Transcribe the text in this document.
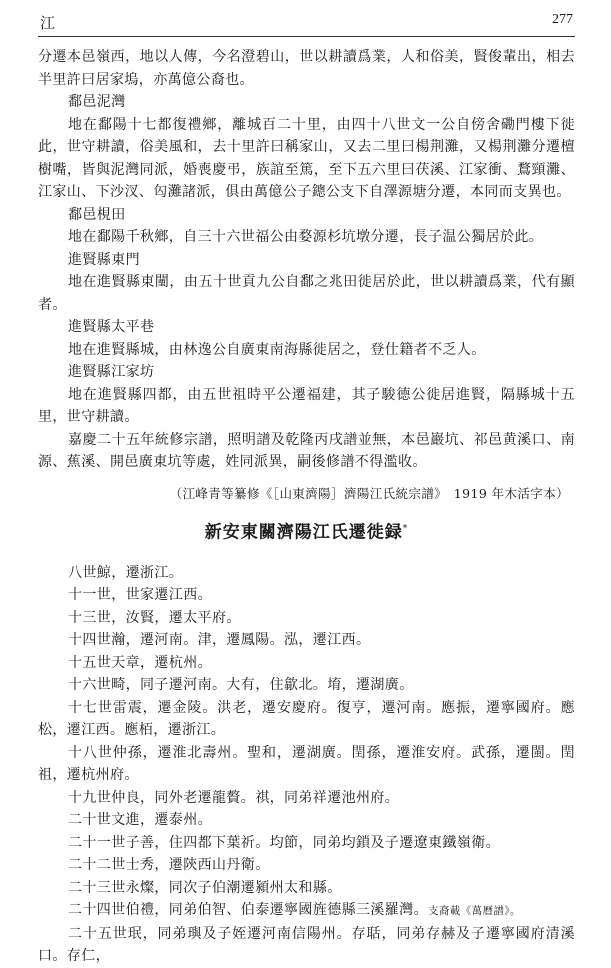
江	277

分遷本邑嶺西，地以人傳，今名澄碧山，世以耕讀爲業，人和俗美，賢俊輩出，相去半里許曰居家塢，亦萬億公裔也。

鄱邑泥灣

地在鄱陽十七都復禮鄉，離城百二十里，由四十八世文一公自傍舍磡門樓下徙此，世守耕讀，俗美風和，去十里許曰稱家山，又去二里曰楊荆灘，又楊荆灘分遷檀樹嘴，皆與泥灣同派，婚喪慶弔，族誼至篤，至下五六里曰茯溪、江家衝、鶩頸灘、江家山、下沙汊、匃灘諸派，俱由萬億公子鏓公支下自澤源塘分遷，本同而支異也。

鄱邑梘田

地在鄱陽千秋鄉，自三十六世福公由婺源杉坑墩分遷，長子温公獨居於此。

進賢縣東門

地在進賢縣東闉，由五十世貢九公自鄱之兆田徙居於此，世以耕讀爲業，代有顯者。

進賢縣太平巷

地在進賢縣城，由林逸公自廣東南海縣徙居之，登仕籍者不乏人。

進賢縣江家坊

地在進賢縣四都，由五世祖時平公遷福建，其子駿德公徙居進賢，隔縣城十五里，世守耕讀。

嘉慶二十五年統修宗譜，照明譜及乾隆丙戌譜並無，本邑巖坑、祁邑黄溪口、南源、蕉溪、開邑廣東坑等處，姓同派異，嗣後修譜不得濫收。

（江峰青等纂修《［山東濟陽］濟陽江氏統宗譜》　1919 年木活字本）

新安東關濟陽江氏遷徙録*

八世鯨，遷浙江。

十一世，世家遷江西。

十三世，汝賢，遷太平府。

十四世瀚，遷河南。津，遷鳳陽。泓，遷江西。

十五世天章，遷杭州。

十六世畸，同子遷河南。大有，住歙北。堉，遷湖廣。

十七世雷震，遷金陵。洪老，遷安慶府。復亨，遷河南。應振，遷寧國府。應松，遷江西。應栢，遷浙江。

十八世仲孫，遷淮北壽州。聖和，遷湖廣。閏孫，遷淮安府。武孫，遷閩。閏祖，遷杭州府。

十九世仲良，同外老遷龍贅。祺，同弟祥遷池州府。

二十世文進，遷泰州。

二十一世子善，住四都下葉祈。均節，同弟均鎖及子遷遼東鐵嶺衛。

二十二世士秀，遷陝西山丹衛。

二十三世永燦，同次子伯潮遷潁州太和縣。

二十四世伯禮，同弟伯智、伯泰遷寧國旌德縣三溪羅灣。支裔載《萬曆譜》。

二十五世珉，同弟璵及子姪遷河南信陽州。存聒，同弟存赫及子遷寧國府清溪口。存仁，
